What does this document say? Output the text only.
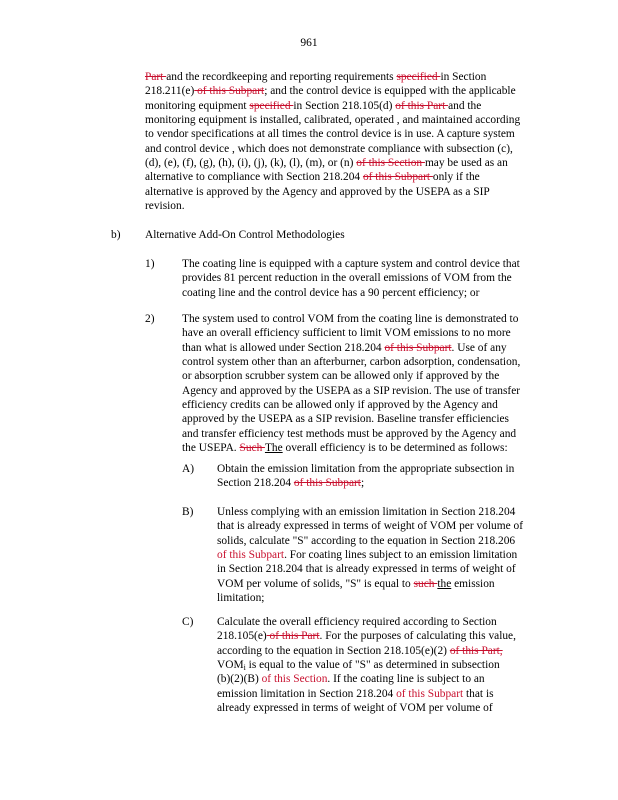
961
Part and the recordkeeping and reporting requirements specified in Section
218.211(e) of this Subpart; and the control device is equipped with the applicable
monitoring equipment specified in Section 218.105(d) of this Part and the
monitoring equipment is installed, calibrated, operated , and maintained according
to vendor specifications at all times the control device is in use. A capture system
and control device , which does not demonstrate compliance with subsection (c),
(d), (e), (f), (g), (h), (i), (j), (k), (l), (m), or (n) of this Section may be used as an
alternative to compliance with Section 218.204 of this Subpart only if the
alternative is approved by the Agency and approved by the USEPA as a SIP
revision.
b) Alternative Add-On Control Methodologies
1) The coating line is equipped with a capture system and control device that
provides 81 percent reduction in the overall emissions of VOM from the
coating line and the control device has a 90 percent efficiency; or
2) The system used to control VOM from the coating line is demonstrated to
have an overall efficiency sufficient to limit VOM emissions to no more
than what is allowed under Section 218.204 of this Subpart. Use of any
control system other than an afterburner, carbon adsorption, condensation,
or absorption scrubber system can be allowed only if approved by the
Agency and approved by the USEPA as a SIP revision. The use of transfer
efficiency credits can be allowed only if approved by the Agency and
approved by the USEPA as a SIP revision. Baseline transfer efficiencies
and transfer efficiency test methods must be approved by the Agency and
the USEPA. Such The overall efficiency is to be determined as follows:
A) Obtain the emission limitation from the appropriate subsection in
Section 218.204 of this Subpart;
B) Unless complying with an emission limitation in Section 218.204
that is already expressed in terms of weight of VOM per volume of
solids, calculate "S" according to the equation in Section 218.206
of this Subpart. For coating lines subject to an emission limitation
in Section 218.204 that is already expressed in terms of weight of
VOM per volume of solids, "S" is equal to such the emission
limitation;
C) Calculate the overall efficiency required according to Section
218.105(e) of this Part. For the purposes of calculating this value,
according to the equation in Section 218.105(e)(2) of this Part,
$VOM_i$ is equal to the value of "S" as determined in subsection
(b)(2)(B) of this Section. If the coating line is subject to an
emission limitation in Section 218.204 of this Subpart that is
already expressed in terms of weight of VOM per volume of
